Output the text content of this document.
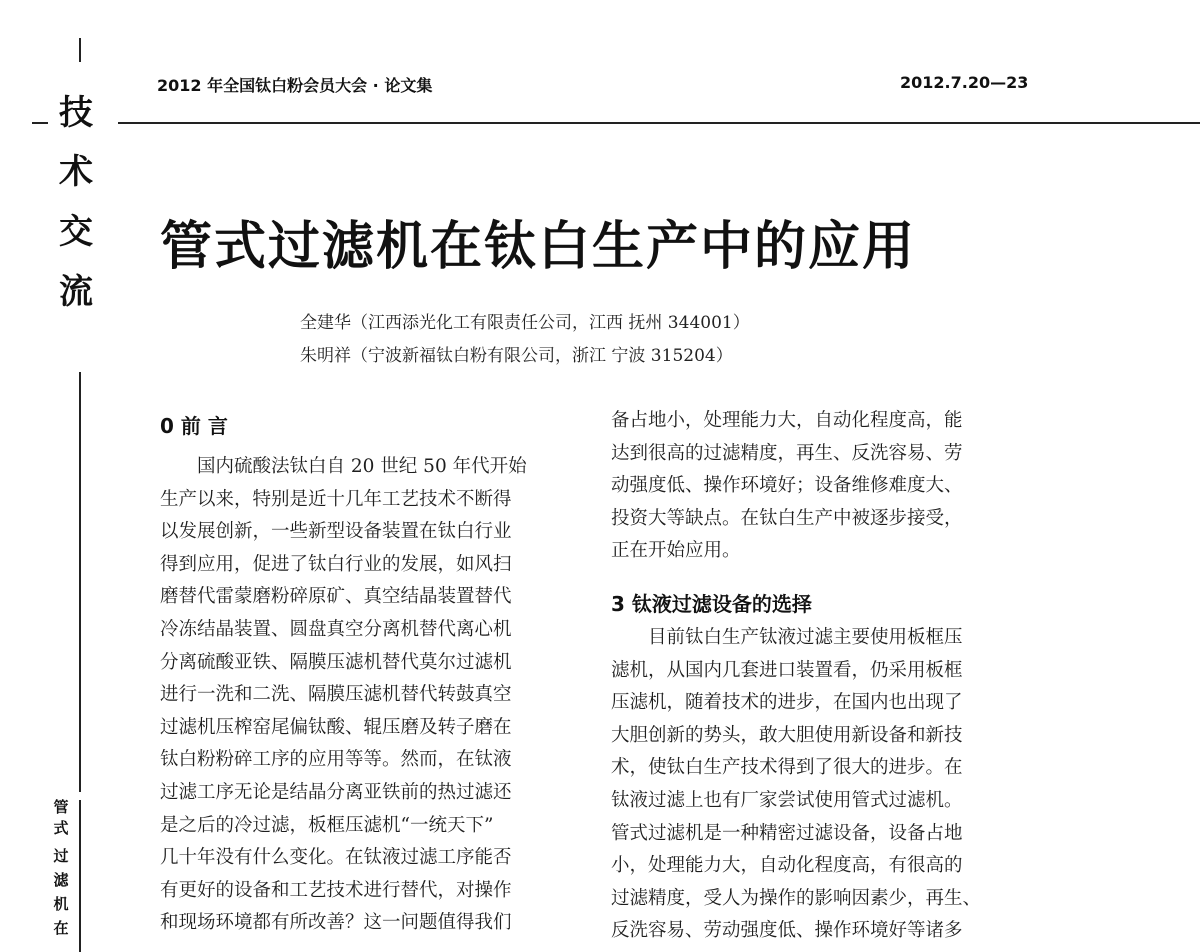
技
术
交
流
管
式
过
滤
机
在
2012 年全国钛白粉会员大会 · 论文集	2012.7.20—23
管式过滤机在钛白生产中的应用
全建华（江西添光化工有限责任公司，江西 抚州 344001）
朱明祥（宁波新福钛白粉有限公司，浙江 宁波 315204）
0 前 言
　　国内硫酸法钛白自 20 世纪 50 年代开始
生产以来，特别是近十几年工艺技术不断得
以发展创新，一些新型设备装置在钛白行业
得到应用，促进了钛白行业的发展，如风扫
磨替代雷蒙磨粉碎原矿、真空结晶装置替代
冷冻结晶装置、圆盘真空分离机替代离心机
分离硫酸亚铁、隔膜压滤机替代莫尔过滤机
进行一洗和二洗、隔膜压滤机替代转鼓真空
过滤机压榨窑尾偏钛酸、辊压磨及转子磨在
钛白粉粉碎工序的应用等等。然而，在钛液
过滤工序无论是结晶分离亚铁前的热过滤还
是之后的冷过滤，板框压滤机“一统天下”
几十年没有什么变化。在钛液过滤工序能否
有更好的设备和工艺技术进行替代，对操作
和现场环境都有所改善？这一问题值得我们
备占地小，处理能力大，自动化程度高，能
达到很高的过滤精度，再生、反洗容易、劳
动强度低、操作环境好；设备维修难度大、
投资大等缺点。在钛白生产中被逐步接受，
正在开始应用。
3 钛液过滤设备的选择
　　目前钛白生产钛液过滤主要使用板框压
滤机，从国内几套进口装置看，仍采用板框
压滤机，随着技术的进步，在国内也出现了
大胆创新的势头，敢大胆使用新设备和新技
术，使钛白生产技术得到了很大的进步。在
钛液过滤上也有厂家尝试使用管式过滤机。
管式过滤机是一种精密过滤设备，设备占地
小，处理能力大，自动化程度高，有很高的
过滤精度，受人为操作的影响因素少，再生、
反洗容易、劳动强度低、操作环境好等诸多
